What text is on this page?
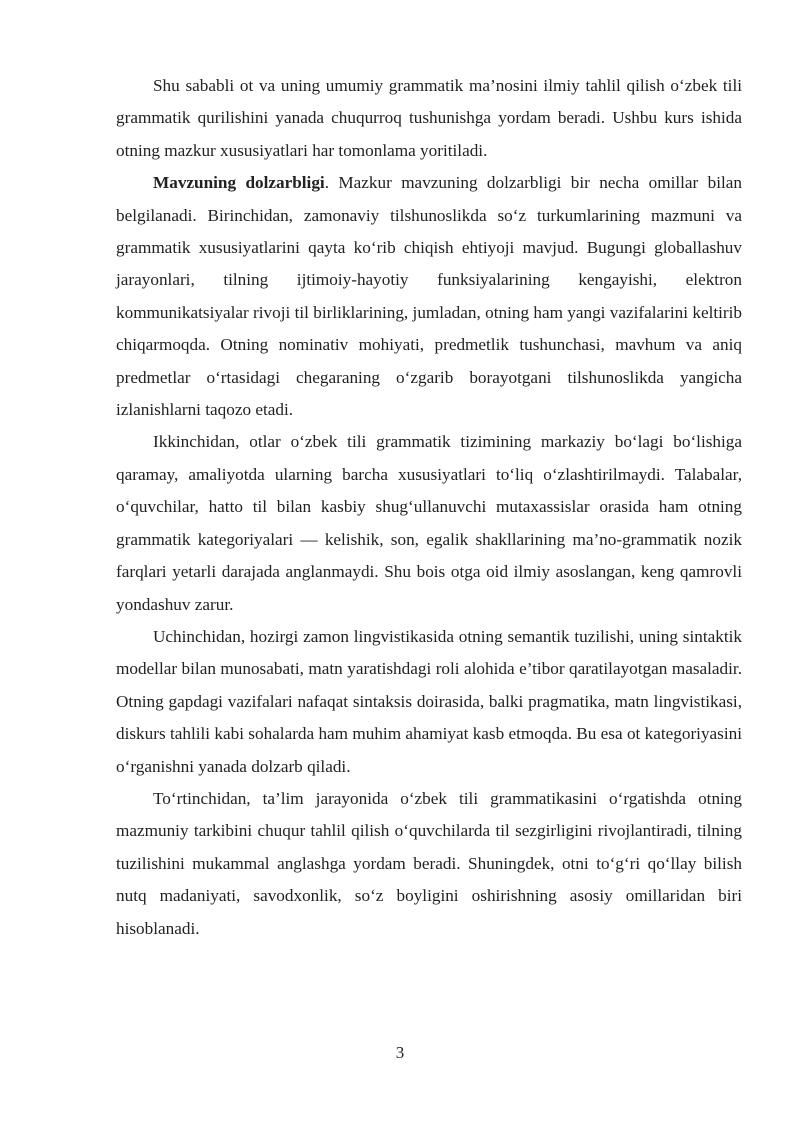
Shu sababli ot va uning umumiy grammatik ma’nosini ilmiy tahlil qilish o‘zbek tili grammatik qurilishini yanada chuqurroq tushunishga yordam beradi. Ushbu kurs ishida otning mazkur xususiyatlari har tomonlama yoritiladi.

Mavzuning dolzarbligi. Mazkur mavzuning dolzarbligi bir necha omillar bilan belgilanadi. Birinchidan, zamonaviy tilshunoslikda so‘z turkumlarining mazmuni va grammatik xususiyatlarini qayta ko‘rib chiqish ehtiyoji mavjud. Bugungi globallashuv jarayonlari, tilning ijtimoiy-hayotiy funksiyalarining kengayishi, elektron kommunikatsiyalar rivoji til birliklarining, jumladan, otning ham yangi vazifalarini keltirib chiqarmoqda. Otning nominativ mohiyati, predmetlik tushunchasi, mavhum va aniq predmetlar o‘rtasidagi chegaraning o‘zgarib borayotgani tilshunoslikda yangicha izlanishlarni taqozo etadi.

Ikkinchidan, otlar o‘zbek tili grammatik tizimining markaziy bo‘lagi bo‘lishiga qaramay, amaliyotda ularning barcha xususiyatlari to‘liq o‘zlashtirilmaydi. Talabalar, o‘quvchilar, hatto til bilan kasbiy shug‘ullanuvchi mutaxassislar orasida ham otning grammatik kategoriyalari — kelishik, son, egalik shakllarining ma’no-grammatik nozik farqlari yetarli darajada anglanmaydi. Shu bois otga oid ilmiy asoslangan, keng qamrovli yondashuv zarur.

Uchinchidan, hozirgi zamon lingvistikasida otning semantik tuzilishi, uning sintaktik modellar bilan munosabati, matn yaratishdagi roli alohida e’tibor qaratilayotgan masaladir. Otning gapdagi vazifalari nafaqat sintaksis doirasida, balki pragmatika, matn lingvistikasi, diskurs tahlili kabi sohalarda ham muhim ahamiyat kasb etmoqda. Bu esa ot kategoriyasini o‘rganishni yanada dolzarb qiladi.

To‘rtinchidan, ta’lim jarayonida o‘zbek tili grammatikasini o‘rgatishda otning mazmuniy tarkibini chuqur tahlil qilish o‘quvchilarda til sezgirligini rivojlantiradi, tilning tuzilishini mukammal anglashga yordam beradi. Shuningdek, otni to‘g‘ri qo‘llay bilish nutq madaniyati, savodxonlik, so‘z boyligini oshirishning asosiy omillaridan biri hisoblanadi.

3
